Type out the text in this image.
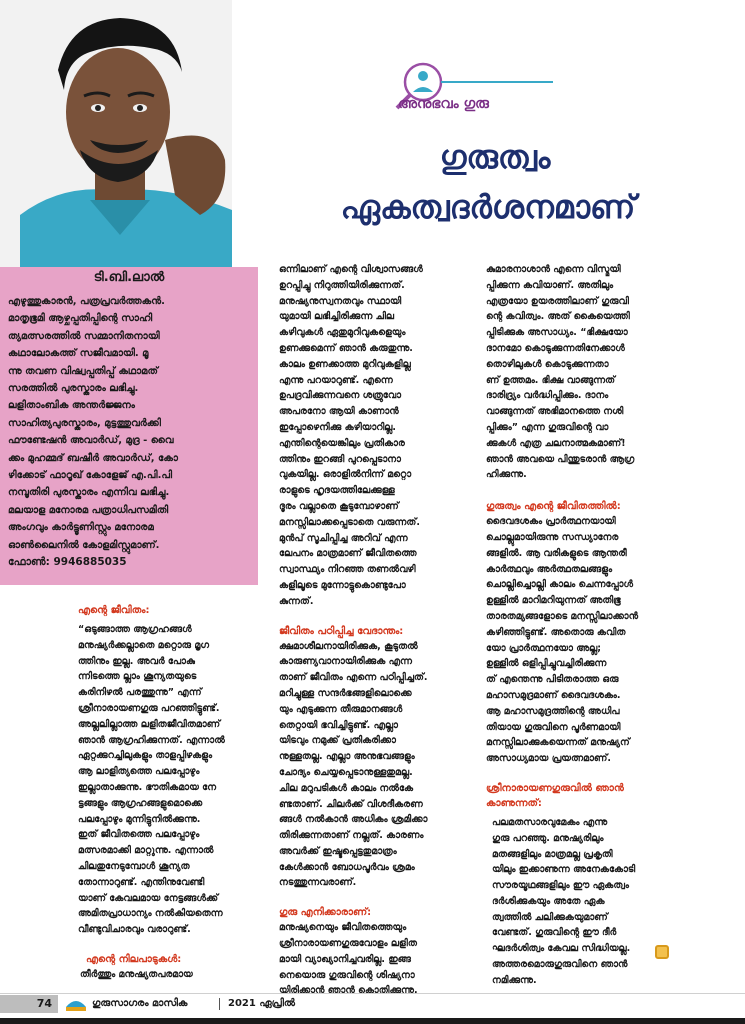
ടി.ബി.ലാൽ
എഴുത്തുകാരൻ, പത്രപ്രവർത്തകൻ.
മാതൃഭൂമി ആഴ്ചപ്പതിപ്പിന്റെ സാഹി
ത്യമത്സരത്തിൽ സമ്മാനിതനായി
കഥാലോകത്ത് സജീവമായി. മൂ
ന്നു തവണ വിഷ്വപ്പതിപ്പ് കഥാമത്
സരത്തിൽ പുരസ്കാരം ലഭിച്ചു.
ലളിതാംബിക അന്തർജ്ജനം
സാഹിത്യപുരസ്കാരം, മുട്ടത്തുവർക്കി
ഫൗണ്ടേഷൻ അവാർഡ്, മുദ്ര - വൈ
ക്കം മുഹമ്മദ് ബഷീർ അവാർഡ്, കോ
ഴിക്കോട് ഫാറൂഖ് കോളേജ് എ.പി.പി
നമ്പൂതിരി പുരസ്കാരം എന്നിവ ലഭിച്ചു.
മലയാള മനോരമ പത്രാധിപസമിതി
അംഗവും കാർട്ടൂണിസ്റ്റും മനോരമ
ഓൺലൈനിൽ കോളമിസ്റ്റുമാണ്.
ഫോൺ: 9946885035
അനുഭവം ഗുരു
ഗുരുത്വം
ഏകത്വദർശനമാണ്
എന്റെ ജീവിതം:

“ഒടുങ്ങാത്ത ആഗ്രഹങ്ങൾ

മനുഷ്യർക്കല്ലാതെ മറ്റൊരു മൃഗ

ത്തിനും ഇല്ല. അവർ പോകു

ന്നിടത്തെ ല്ലാം ശൂന്യതയുടെ

കരിനിഴൽ പരത്തുന്നു” എന്ന്

ശ്രീനാരായണഗുരു പറഞ്ഞിട്ടുണ്ട്.

അല്ലലില്ലാത്ത ലളിതജീവിതമാണ്

ഞാൻ ആഗ്രഹിക്കുന്നത്. എന്നാൽ

ഏറ്റക്കുറച്ചിലുകളും താളപ്പിഴകളും

ആ ലാളിത്യത്തെ പലപ്പോഴും

ഇല്ലാതാക്കുന്നു. ഭൗതികമായ നേ

ട്ടങ്ങളും ആഗ്രഹങ്ങളുമൊക്കെ

പലപ്പോഴും മുന്നിട്ടുനിൽക്കുന്നു.

ഇത് ജീവിതത്തെ പലപ്പോഴും

മത്സരമാക്കി മാറ്റുന്നു. എന്നാൽ

ചിലതുനേടുമ്പോൾ ശൂന്യത

തോന്നാറുണ്ട്. എന്തിനുവേണ്ടി

യാണ് കേവലമായ നേട്ടങ്ങൾക്ക്

അമിതപ്രാധാന്യം നൽകിയതെന്ന

വീണ്ടുവിചാരവും വരാറുണ്ട്.

എന്റെ നിലപാടുകൾ:

തീർത്തും മനുഷ്യതപരമായ

ഒന്നിലാണ് എന്റെ വിശ്വാസങ്ങൾ

ഉറപ്പിച്ചു നിറുത്തിയിരിക്കുന്നത്.

മനുഷ്യനുസ്വനതവും സ്ഥായി

യുമായി ലഭിച്ചിരിക്കുന്ന ചില

കഴിവുകൾ ഏതുമുറിവുകളെയും

ഉണക്കുമെന്ന് ഞാൻ കരുതുന്നു.

കാലം ഉണക്കാത്ത മുറിവുകളില്ല

എന്നു പറയാറുണ്ട്. എന്നെ

ഉപദ്രവിക്കുന്നവനെ ശത്രുവോ

അപരനോ ആയി കാണാൻ

ഇപ്പോഴെനിക്കു കഴിയാറില്ല.

എന്തിന്റെയെങ്കിലും പ്രതികാര

ത്തിനും ഇറങ്ങി പുറപ്പെടാനാ

വുകയില്ല. ഒരാളിൽനിന്ന് മറ്റൊ

രാളുടെ ഹൃദയത്തിലേക്കുള്ള

ദൂരം വല്ലാതെ കൂടുമ്പോഴാണ്

മനസ്സിലാക്കപ്പെടാതെ വരുന്നത്.

മുൻപ് സൂചിപ്പിച്ച അറിവ് എന്ന

ലേപനം മാത്രമാണ് ജീവിതത്തെ

സ്വാസ്ഥ്യം നിറഞ്ഞ തണൽവഴി

കളിലൂടെ മുന്നോട്ടുകൊണ്ടുപോ

കുന്നത്.

ജീവിതം പഠിപ്പിച്ച വേദാന്തം:

ക്ഷമാശീലനായിരിക്കുക, കൂടുതൽ

കാരുണ്യവാനായിരിക്കുക എന്ന

താണ് ജീവിതം എന്നെ പഠിപ്പിച്ചത്.

മറിച്ചുള്ള സന്ദർഭങ്ങളിലൊക്കെ

യും എടുക്കുന്ന തീരുമാനങ്ങൾ

തെറ്റായി ഭവിച്ചിട്ടുണ്ട്. എല്ലാ

യിടവും നമുക്ക് പ്രതികരിക്കാ

നുള്ളതല്ല. എല്ലാ അനുഭവങ്ങളും

ചോദ്യം ചെയ്യപ്പെടാനുള്ളതുമല്ല.

ചില മറുപടികൾ കാലം നൽകേ

ണ്ടതാണ്. ചിലർക്ക് വിശദീകരണ

ങ്ങൾ നൽകാൻ അധികം ശ്രമിക്കാ

തിരിക്കുന്നതാണ് നല്ലത്. കാരണം

അവർക്ക് ഇഷ്ടപ്പെട്ടതുമാത്രം

കേൾക്കാൻ ബോധപൂർവം ശ്രമം

നടത്തുന്നവരാണ്.

ഗുരു എനിക്കാരാണ്:

മനുഷ്യനെയും ജീവിതത്തെയും

ശ്രീനാരായണഗുരുവോളം ലളിത

മായി വ്യാഖ്യാനിച്ചവരില്ല. ഇങ്ങ

നെയൊരു ഗുരുവിന്റെ ശിഷ്യനാ

യിരിക്കാൻ ഞാൻ കൊതിക്കുന്നു.

കുമാരനാശാൻ എന്നെ വിസ്മയി

പ്പിക്കുന്ന കവിയാണ്. അതിലും

എത്രയോ ഉയരത്തിലാണ് ഗുരുവി

ന്റെ കവിത്വം. അത് കൈയെത്തി

പ്പിടിക്കുക അസാധ്യം. “ഭിക്ഷയോ

ദാനമോ കൊടുക്കുന്നതിനേക്കാൾ

തൊഴിലുകൾ കൊടുക്കുന്നതാ

ണ് ഉത്തമം. ഭിക്ഷ വാങ്ങുന്നത്

ദാരിദ്ര്യം വർദ്ധിപ്പിക്കും. ദാനം

വാങ്ങുന്നത് അഭിമാനത്തെ നശി

പ്പിക്കും” എന്ന ഗുരുവിന്റെ വാ

ക്കുകൾ എത്ര ചലനാത്മകമാണ്!

ഞാൻ അവയെ പിന്തുടരാൻ ആഗ്ര

ഹിക്കുന്നു.

ഗുരുത്വം എന്റെ ജീവിതത്തിൽ:

ദൈവദശകം പ്രാർത്ഥനയായി

ചൊല്ലുമായിരുന്നു സന്ധ്യാനേര

ങ്ങളിൽ. ആ വരികളുടെ ആന്തരീ

കാർത്ഥവും അർത്ഥതലങ്ങളും

ചൊല്ലിച്ചൊല്ലി കാലം ചെന്നപ്പോൾ

ഉള്ളിൽ മാറിമറിയുന്നത് അതിഭൂ

താരതമ്യങ്ങളോടെ മനസ്സിലാക്കാൻ

കഴിഞ്ഞിട്ടുണ്ട്. അതൊരു കവിത

യോ പ്രാർത്ഥനയോ അല്ല;

ഉള്ളിൽ ഒളിപ്പിച്ചുവച്ചിരിക്കുന്ന

ത് എന്തെന്നു പിടിതരാത്ത ഒരു

മഹാസമുദ്രമാണ് ദൈവദശകം.

ആ മഹാസമുദ്രത്തിന്റെ അധിപ

തിയായ ഗുരുവിനെ പൂർണമായി

മനസ്സിലാക്കുകയെന്നത് മനുഷ്യന്

അസാധ്യമായ പ്രയത്നമാണ്.

ശ്രീനാരായണഗുരുവിൽ ഞാൻ കാണുന്നത്:

പലമതസാരവുമേകം എന്നു

ഗുരു പറഞ്ഞു. മനുഷ്യരിലും

മതങ്ങളിലും മാത്രമല്ല പ്രകൃതി

യിലും ഇക്കാണുന്ന അനേകകോടി

സൗരയൂഥങ്ങളിലും ഈ ഏകത്വം

ദർശിക്കുകയും അതേ ഏക

ത്വത്തിൽ ചലിക്കുകയുമാണ്

വേണ്ടത്. ഗുരുവിന്റെ ഈ ദീർ

ഘദർശിത്വം കേവല സിദ്ധിയല്ല.

അത്തരമൊരുഗുരുവിനെ ഞാൻ

നമിക്കുന്നു.

74	ഗുരുസാഗരം മാസിക	2021 ഏപ്രിൽ
